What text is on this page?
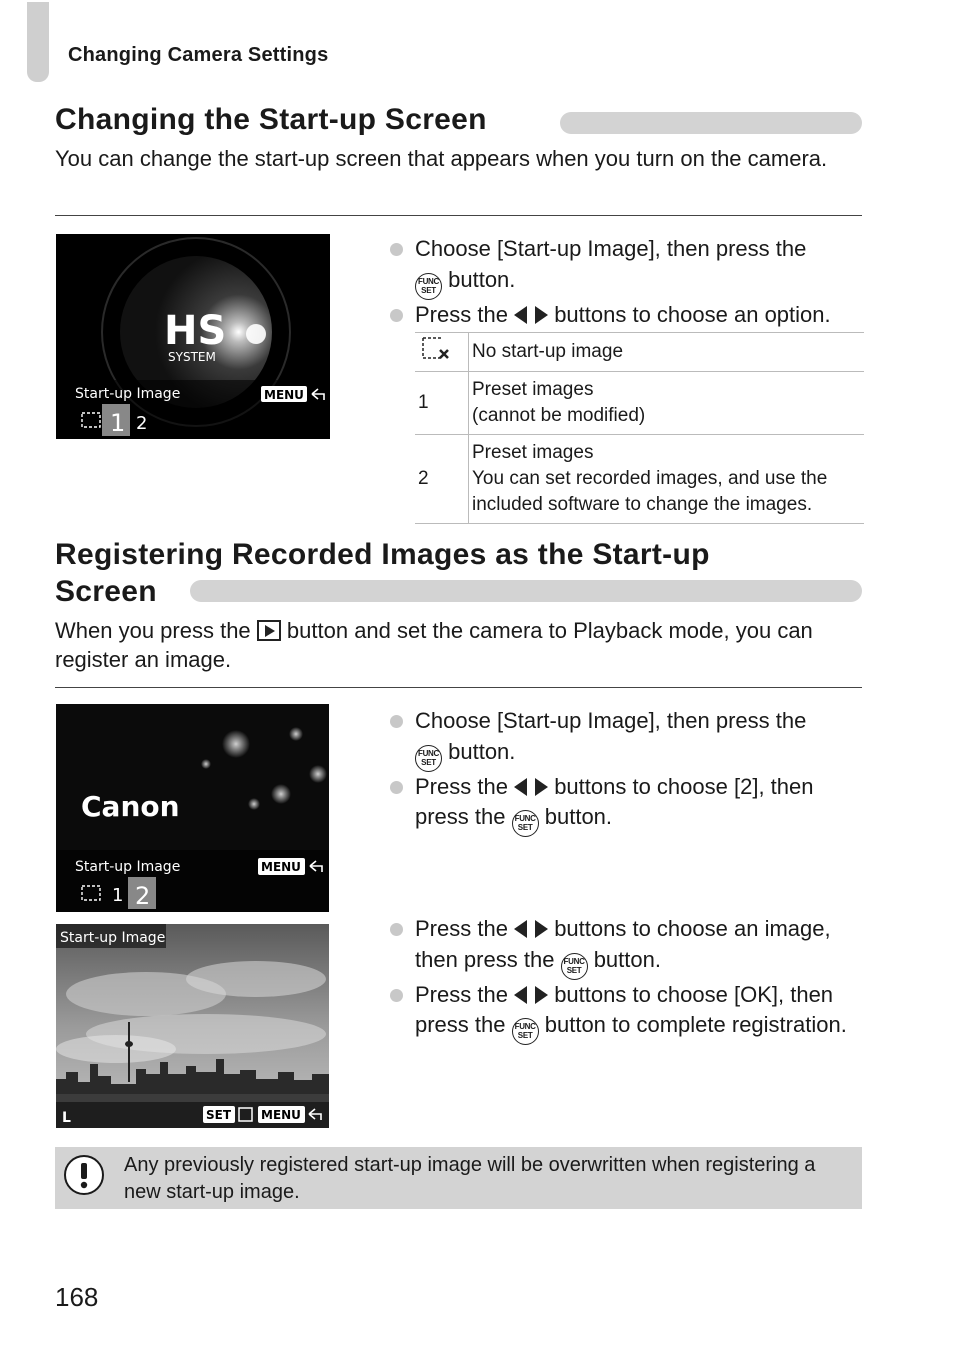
Changing Camera Settings
Changing the Start-up Screen
You can change the start-up screen that appears when you turn on the camera.
HS
SYSTEM
Start-up Image	MENU
1 2
Choose [Start-up Image], then press the
FUNC
SET button.
Press the buttons to choose an option.
	No start-up image
1	Preset images
(cannot be modified)
2	Preset images
You can set recorded images, and use the
included software to change the images.
Registering Recorded Images as the Start-up
Screen
When you press the button and set the camera to Playback mode, you can register an image.
Canon
Start-up Image	MENU
1 2
Choose [Start-up Image], then press the
FUNC
SET button.
Press the buttons to choose [2], then press the FUNC
SET button.
Start-up Image
L	SET MENU
Press the buttons to choose an image, then press the FUNC
SET button.
Press the buttons to choose [OK], then press the FUNC
SET button to complete registration.
Any previously registered start-up image will be overwritten when registering a new start-up image.
168
